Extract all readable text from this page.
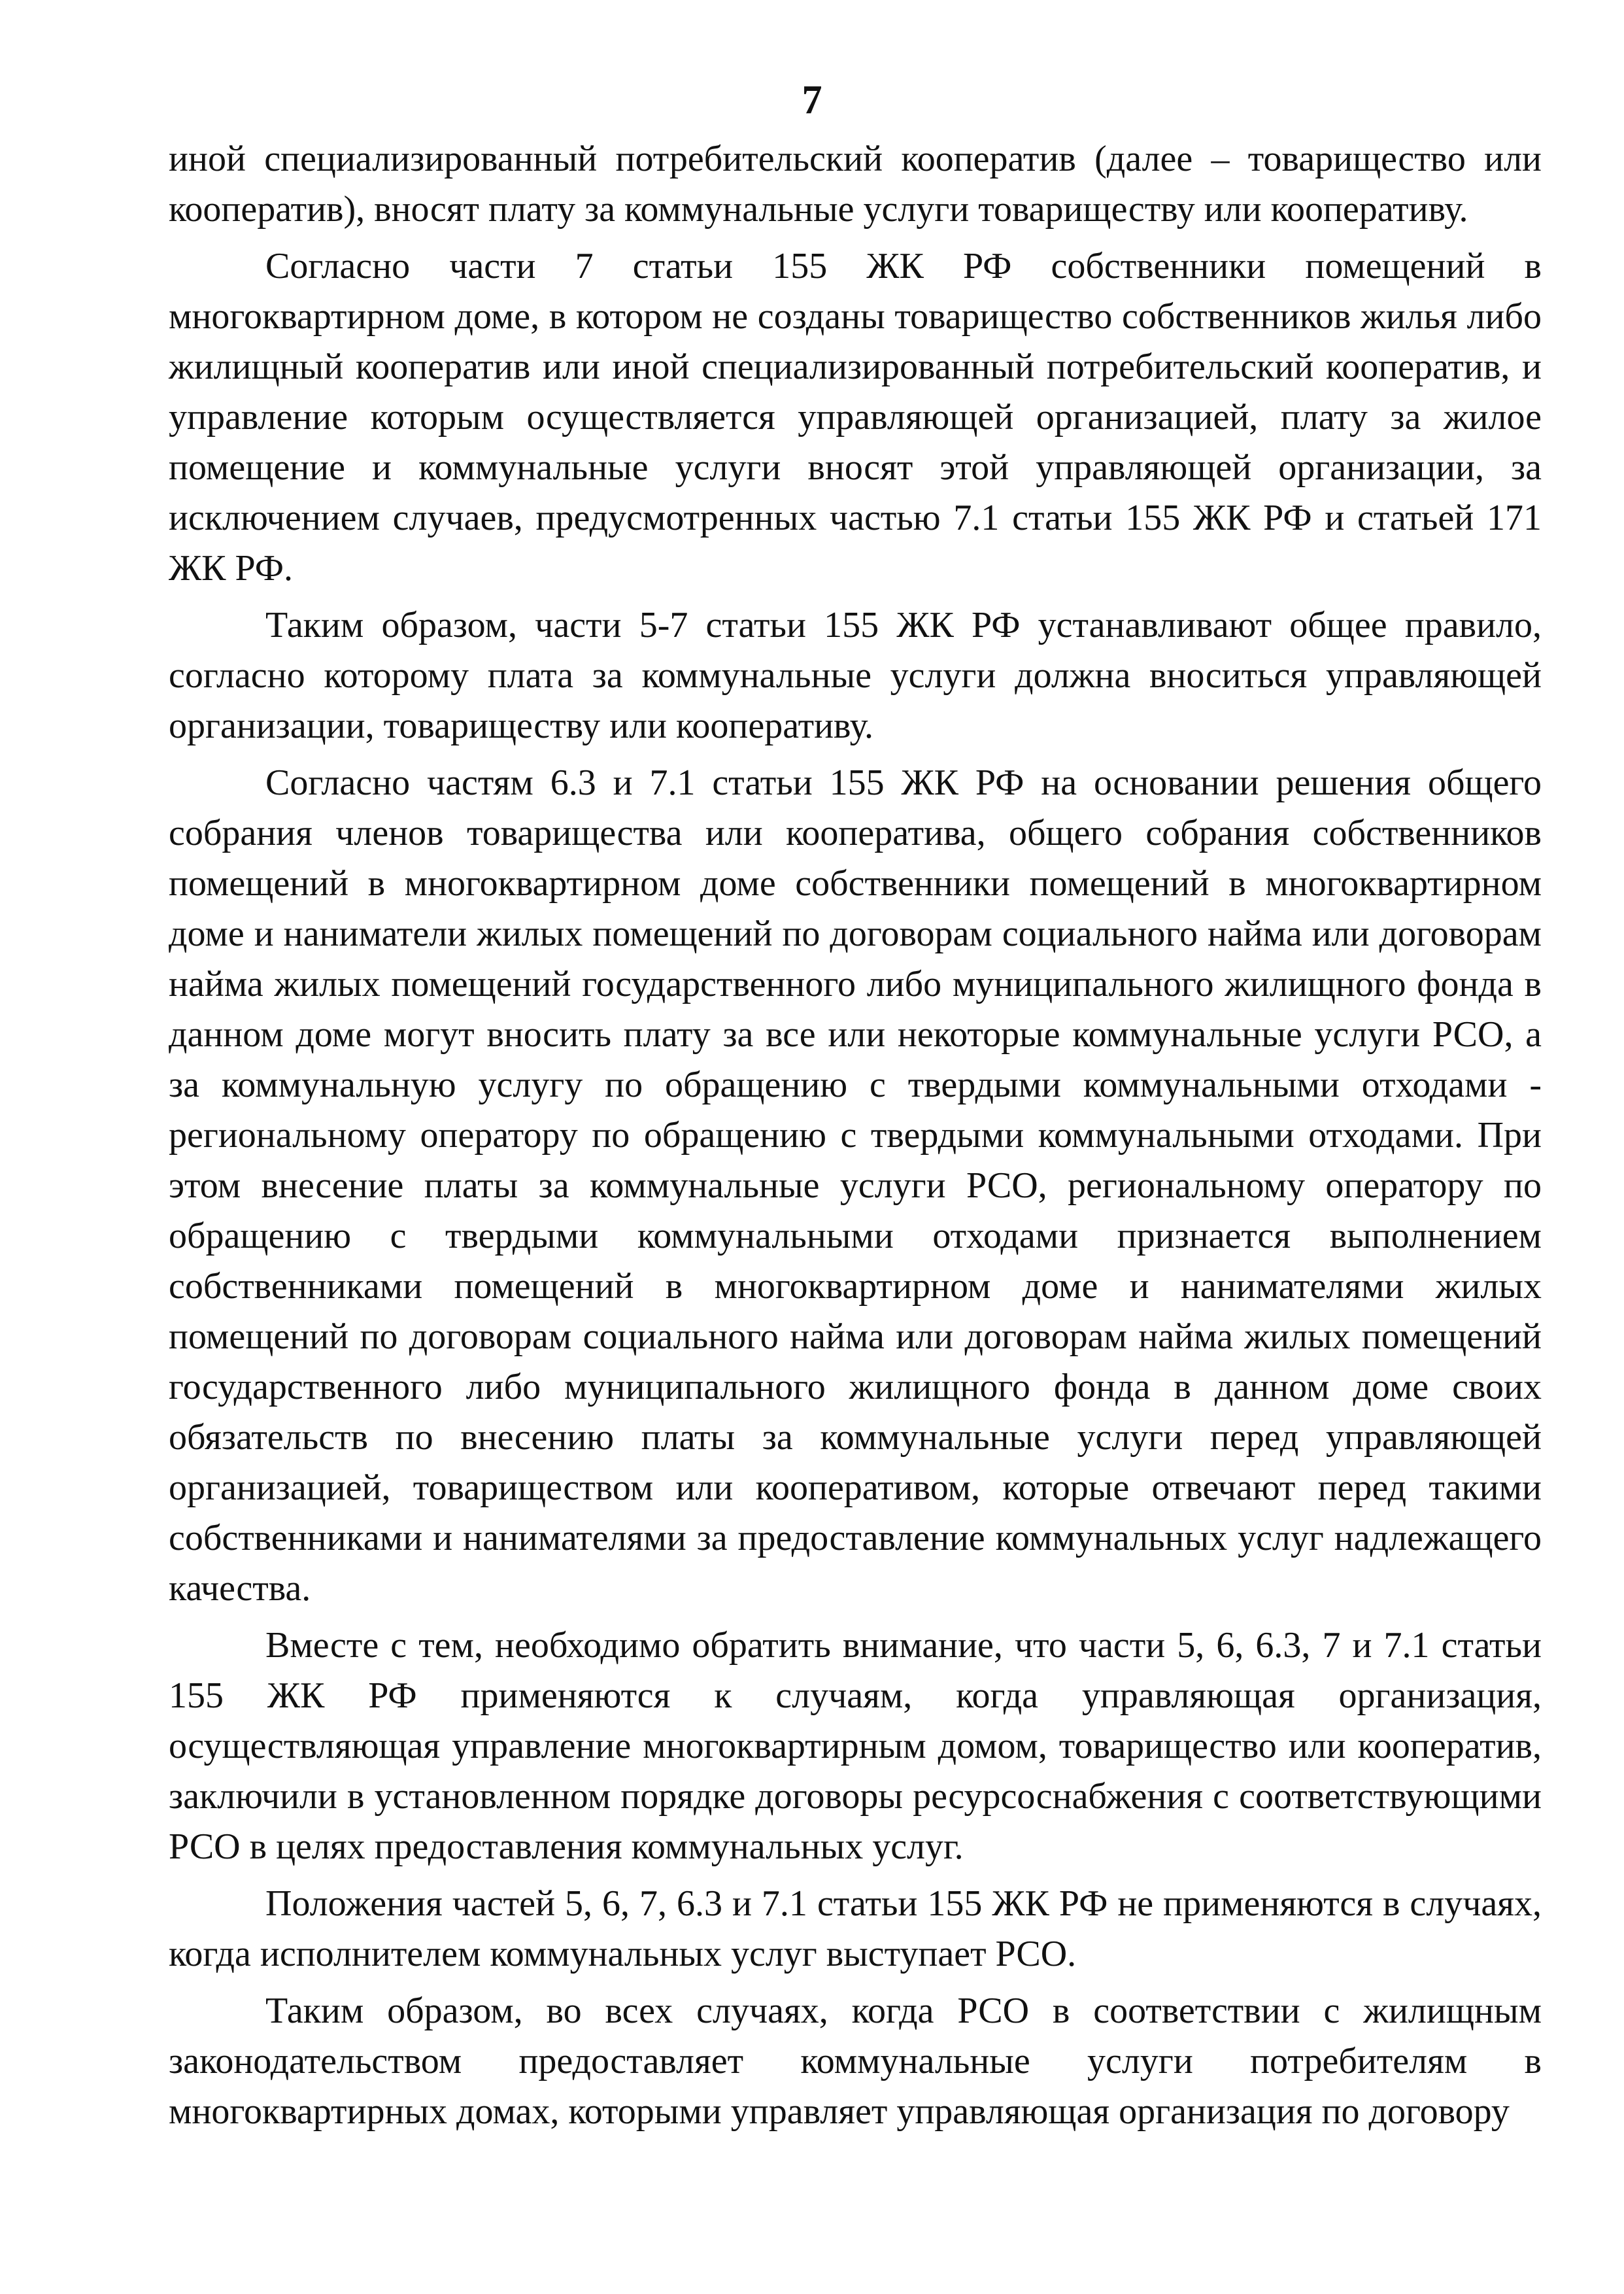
7

иной специализированный потребительский кооператив (далее – товарищество или кооператив), вносят плату за коммунальные услуги товариществу или кооперативу.

Согласно части 7 статьи 155 ЖК РФ собственники помещений в многоквартирном доме, в котором не созданы товарищество собственников жилья либо жилищный кооператив или иной специализированный потребительский кооператив, и управление которым осуществляется управляющей организацией, плату за жилое помещение и коммунальные услуги вносят этой управляющей организации, за исключением случаев, предусмотренных частью 7.1 статьи 155 ЖК РФ и статьей 171 ЖК РФ.

Таким образом, части 5-7 статьи 155 ЖК РФ устанавливают общее правило, согласно которому плата за коммунальные услуги должна вноситься управляющей организации, товариществу или кооперативу.

Согласно частям 6.3 и 7.1 статьи 155 ЖК РФ на основании решения общего собрания членов товарищества или кооператива, общего собрания собственников помещений в многоквартирном доме собственники помещений в многоквартирном доме и наниматели жилых помещений по договорам социального найма или договорам найма жилых помещений государственного либо муниципального жилищного фонда в данном доме могут вносить плату за все или некоторые коммунальные услуги РСО, а за коммунальную услугу по обращению с твердыми коммунальными отходами - региональному оператору по обращению с твердыми коммунальными отходами. При этом внесение платы за коммунальные услуги РСО, региональному оператору по обращению с твердыми коммунальными отходами признается выполнением собственниками помещений в многоквартирном доме и нанимателями жилых помещений по договорам социального найма или договорам найма жилых помещений государственного либо муниципального жилищного фонда в данном доме своих обязательств по внесению платы за коммунальные услуги перед управляющей организацией, товариществом или кооперативом, которые отвечают перед такими собственниками и нанимателями за предоставление коммунальных услуг надлежащего качества.

Вместе с тем, необходимо обратить внимание, что части 5, 6, 6.3, 7 и 7.1 статьи 155 ЖК РФ применяются к случаям, когда управляющая организация, осуществляющая управление многоквартирным домом, товарищество или кооператив, заключили в установленном порядке договоры ресурсоснабжения с соответствующими РСО в целях предоставления коммунальных услуг.

Положения частей 5, 6, 7, 6.3 и 7.1 статьи 155 ЖК РФ не применяются в случаях, когда исполнителем коммунальных услуг выступает РСО.

Таким образом, во всех случаях, когда РСО в соответствии с жилищным законодательством предоставляет коммунальные услуги потребителям в многоквартирных домах, которыми управляет управляющая организация по договору
